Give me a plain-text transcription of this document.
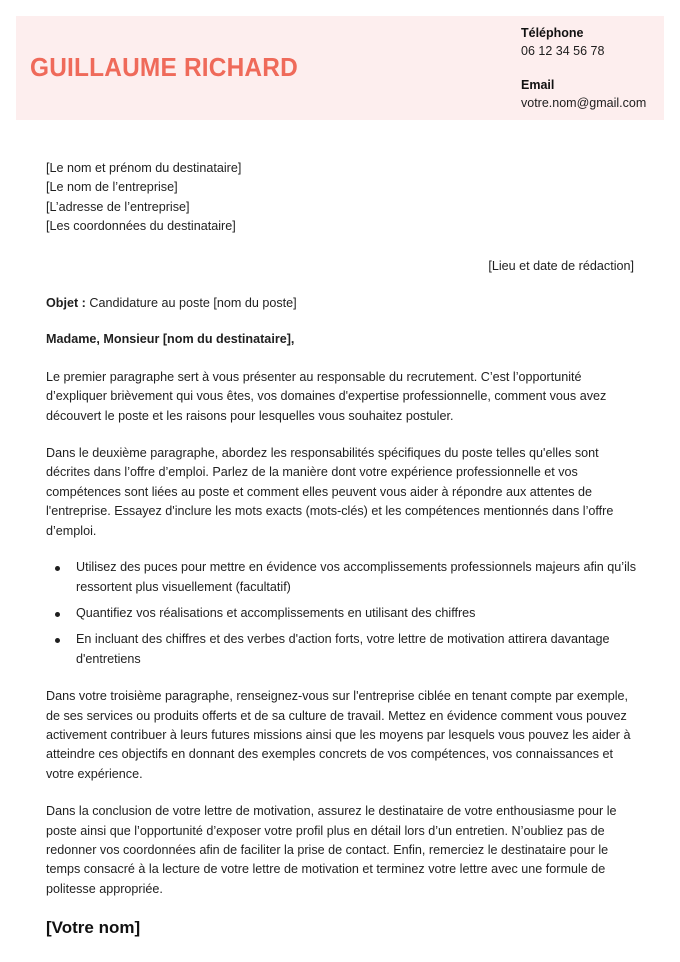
GUILLAUME RICHARD
Téléphone
06 12 34 56 78
Email
votre.nom@gmail.com
[Le nom et prénom du destinataire]
[Le nom de l’entreprise]
[L’adresse de l’entreprise]
[Les coordonnées du destinataire]
[Lieu et date de rédaction]
Objet : Candidature au poste [nom du poste]
Madame, Monsieur [nom du destinataire],

Le premier paragraphe sert à vous présenter au responsable du recrutement. C’est l’opportunité d’expliquer brièvement qui vous êtes, vos domaines d'expertise professionnelle, comment vous avez découvert le poste et les raisons pour lesquelles vous souhaitez postuler.

Dans le deuxième paragraphe, abordez les responsabilités spécifiques du poste telles qu'elles sont décrites dans l’offre d’emploi. Parlez de la manière dont votre expérience professionnelle et vos compétences sont liées au poste et comment elles peuvent vous aider à répondre aux attentes de l'entreprise. Essayez d'inclure les mots exacts (mots-clés) et les compétences mentionnés dans l’offre d’emploi.

Utilisez des puces pour mettre en évidence vos accomplissements professionnels majeurs afin qu’ils ressortent plus visuellement (facultatif)
Quantifiez vos réalisations et accomplissements en utilisant des chiffres
En incluant des chiffres et des verbes d'action forts, votre lettre de motivation attirera davantage d'entretiens

Dans votre troisième paragraphe, renseignez-vous sur l'entreprise ciblée en tenant compte par exemple, de ses services ou produits offerts et de sa culture de travail. Mettez en évidence comment vous pouvez activement contribuer à leurs futures missions ainsi que les moyens par lesquels vous pouvez les aider à atteindre ces objectifs en donnant des exemples concrets de vos compétences, vos connaissances et votre expérience.

Dans la conclusion de votre lettre de motivation, assurez le destinataire de votre enthousiasme pour le poste ainsi que l’opportunité d’exposer votre profil plus en détail lors d’un entretien. N’oubliez pas de redonner vos coordonnées afin de faciliter la prise de contact. Enfin, remerciez le destinataire pour le temps consacré à la lecture de votre lettre de motivation et terminez votre lettre avec une formule de politesse appropriée.

[Votre nom]
